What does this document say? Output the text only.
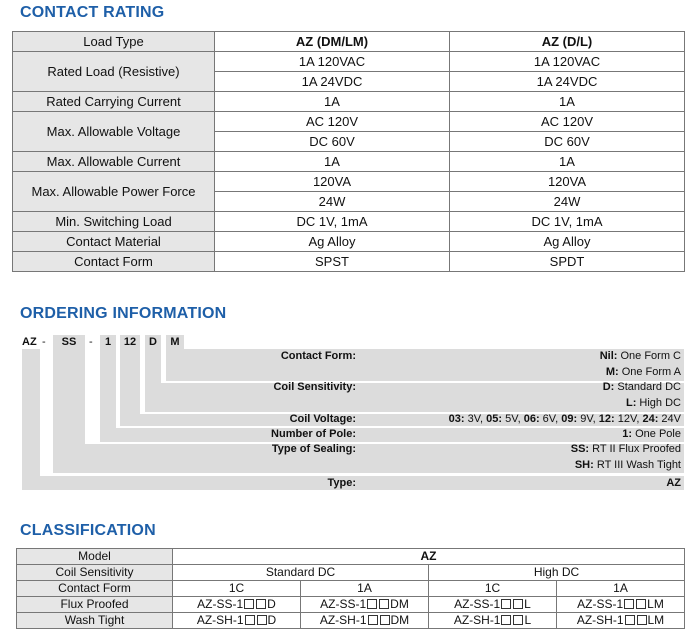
CONTACT RATING
Load Type	AZ (DM/LM)	AZ (D/L)
Rated Load (Resistive)	1A 120VAC	1A 120VAC
	1A 24VDC	1A 24VDC
Rated Carrying Current	1A	1A
Max. Allowable Voltage	AC 120V	AC 120V
	DC 60V	DC 60V
Max. Allowable Current	1A	1A
Max. Allowable Power Force	120VA	120VA
	24W	24W
Min. Switching Load	DC 1V, 1mA	DC 1V, 1mA
Contact Material	Ag Alloy	Ag Alloy
Contact Form	SPST	SPDT
ORDERING INFORMATION
AZ -	SS	-	1	12	D	M
Contact Form:	Nil: One Form C
M: One Form A
Coil Sensitivity:	D: Standard DC
L: High DC
Coil Voltage:	03: 3V, 05: 5V, 06: 6V, 09: 9V, 12: 12V, 24: 24V
Number of Pole:	1: One Pole
Type of Sealing:	SS: RT II Flux Proofed
SH: RT III Wash Tight
Type:	AZ
CLASSIFICATION
Model	AZ			
Coil Sensitivity	Standard DC		High DC	
Contact Form	1C	1A	1C	1A
Flux Proofed	AZ-SS-1 D	AZ-SS-1 DM	AZ-SS-1 L	AZ-SS-1 LM
Wash Tight	AZ-SH-1 D	AZ-SH-1 DM	AZ-SH-1 L	AZ-SH-1 LM
